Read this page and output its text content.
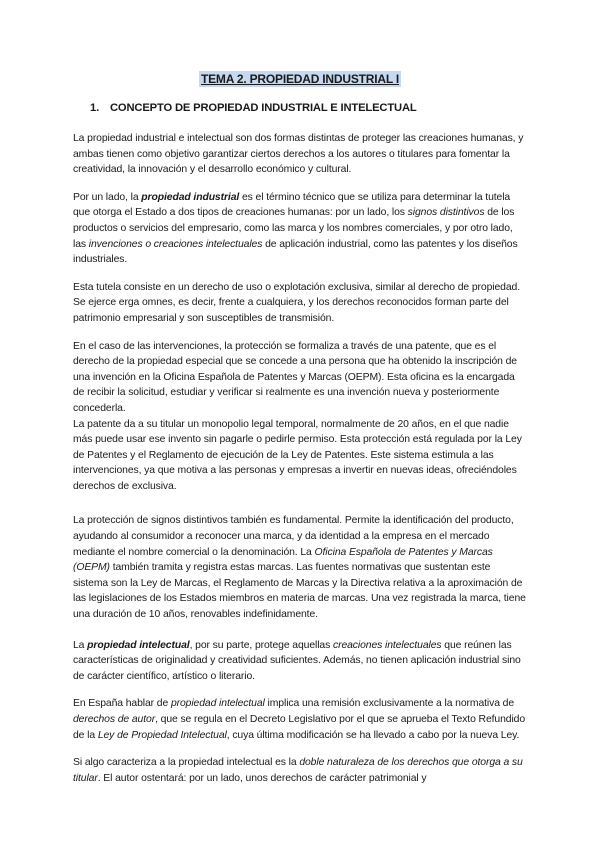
TEMA 2. PROPIEDAD INDUSTRIAL I
1. CONCEPTO DE PROPIEDAD INDUSTRIAL E INTELECTUAL

La propiedad industrial e intelectual son dos formas distintas de proteger las creaciones humanas, y ambas tienen como objetivo garantizar ciertos derechos a los autores o titulares para fomentar la creatividad, la innovación y el desarrollo económico y cultural.

Por un lado, la propiedad industrial es el término técnico que se utiliza para determinar la tutela que otorga el Estado a dos tipos de creaciones humanas: por un lado, los signos distintivos de los productos o servicios del empresario, como las marca y los nombres comerciales, y por otro lado, las invenciones o creaciones intelectuales de aplicación industrial, como las patentes y los diseños industriales.

Esta tutela consiste en un derecho de uso o explotación exclusiva, similar al derecho de propiedad. Se ejerce erga omnes, es decir, frente a cualquiera, y los derechos reconocidos forman parte del patrimonio empresarial y son susceptibles de transmisión.

En el caso de las intervenciones, la protección se formaliza a través de una patente, que es el derecho de la propiedad especial que se concede a una persona que ha obtenido la inscripción de una invención en la Oficina Española de Patentes y Marcas (OEPM). Esta oficina es la encargada de recibir la solicitud, estudiar y verificar si realmente es una invención nueva y posteriormente concederla.

La patente da a su titular un monopolio legal temporal, normalmente de 20 años, en el que nadie más puede usar ese invento sin pagarle o pedirle permiso. Esta protección está regulada por la Ley de Patentes y el Reglamento de ejecución de la Ley de Patentes. Este sistema estimula a las intervenciones, ya que motiva a las personas y empresas a invertir en nuevas ideas, ofreciéndoles derechos de exclusiva.

La protección de signos distintivos también es fundamental. Permite la identificación del producto, ayudando al consumidor a reconocer una marca, y da identidad a la empresa en el mercado mediante el nombre comercial o la denominación. La Oficina Española de Patentes y Marcas (OEPM) también tramita y registra estas marcas. Las fuentes normativas que sustentan este sistema son la Ley de Marcas, el Reglamento de Marcas y la Directiva relativa a la aproximación de las legislaciones de los Estados miembros en materia de marcas. Una vez registrada la marca, tiene una duración de 10 años, renovables indefinidamente.

La propiedad intelectual, por su parte, protege aquellas creaciones intelectuales que reúnen las características de originalidad y creatividad suficientes. Además, no tienen aplicación industrial sino de carácter científico, artístico o literario.

En España hablar de propiedad intelectual implica una remisión exclusivamente a la normativa de derechos de autor, que se regula en el Decreto Legislativo por el que se aprueba el Texto Refundido de la Ley de Propiedad Intelectual, cuya última modificación se ha llevado a cabo por la nueva Ley.

Si algo caracteriza a la propiedad intelectual es la doble naturaleza de los derechos que otorga a su titular. El autor ostentará: por un lado, unos derechos de carácter patrimonial y
